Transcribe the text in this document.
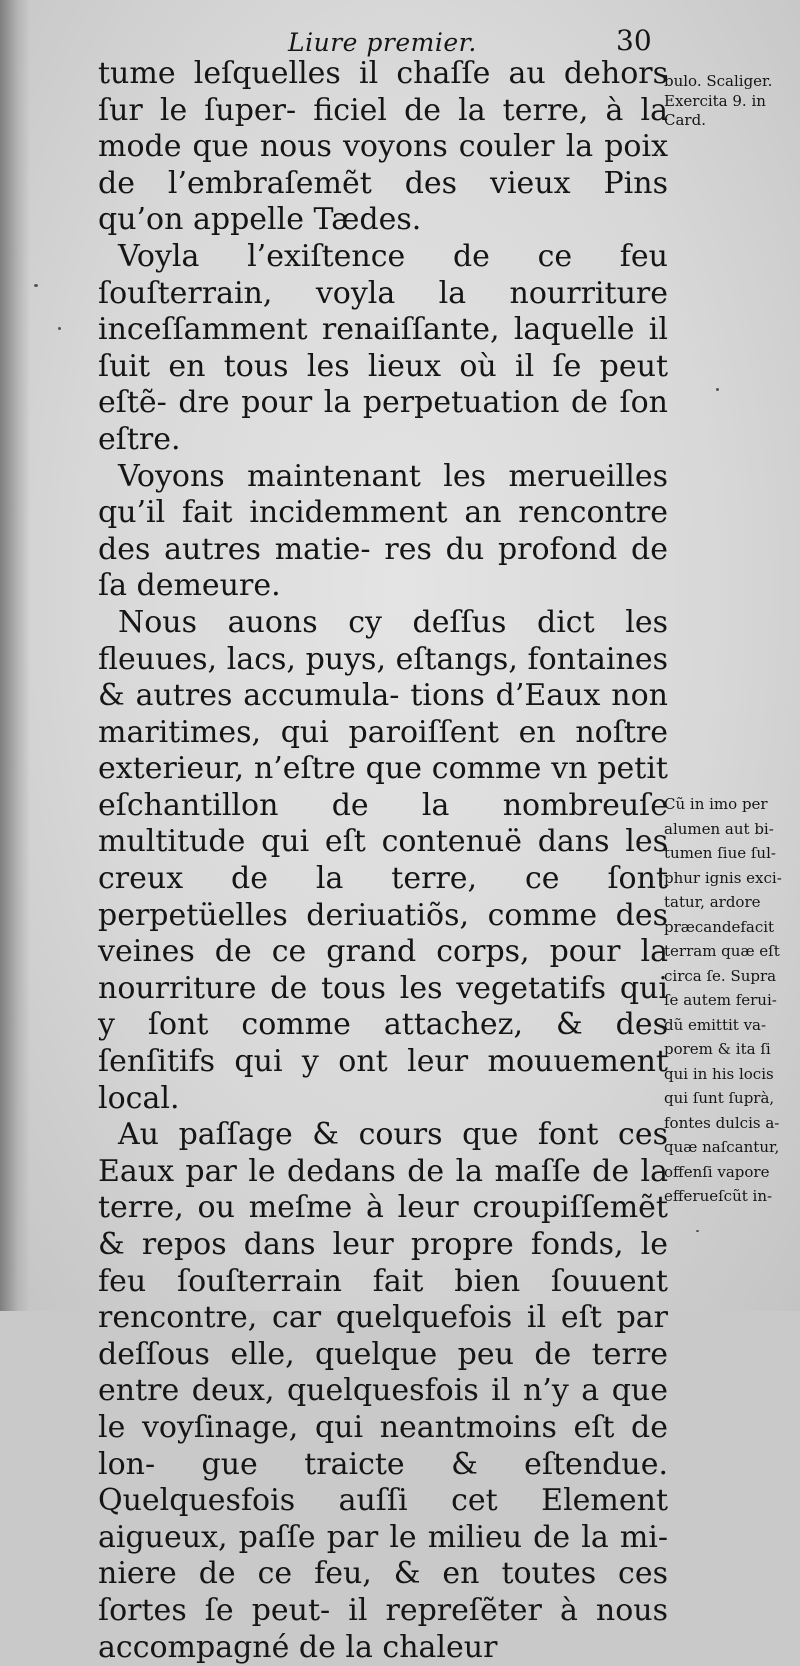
Liure premier.	30

tume leſquelles il chaſſe au dehors ſur le ſuper- ficiel de la terre, à la mode que nous voyons couler la poix de l’embraſemẽt des vieux Pins qu’on appelle Tædes.

Voyla l’exiſtence de ce feu ſouſterrain, voyla la nourriture inceſſamment renaiſſante, laquelle il ſuit en tous les lieux où il ſe peut eſtẽ- dre pour la perpetuation de ſon eſtre.

Voyons maintenant les merueilles qu’il fait incidemment an rencontre des autres matie- res du profond de ſa demeure.

Nous auons cy deſſus dict les fleuues, lacs, puys, eſtangs, fontaines & autres accumula- tions d’Eaux non maritimes, qui paroiſſent en noſtre exterieur, n’eſtre que comme vn petit eſchantillon de la nombreuſe multitude qui eſt contenuë dans les creux de la terre, ce ſont perpetüelles deriuatiõs, comme des veines de ce grand corps, pour la nourriture de tous les vegetatifs qui y ſont comme attachez, & des ſenſitifs qui y ont leur mouuement local.

Au paſſage & cours que font ces Eaux par le dedans de la maſſe de la terre, ou meſme à leur croupiſſemẽt & repos dans leur propre fonds, le feu ſouſterrain fait bien ſouuent rencontre, car quelquefois il eſt par deſſous elle, quelque peu de terre entre deux, quelquesfois il n’y a que le voyſinage, qui neantmoins eſt de lon- gue traicte & eſtendue. Quelquesfois auſſi cet Element aigueux, paſſe par le milieu de la mi- niere de ce feu, & en toutes ces ſortes ſe peut- il repreſẽter à nous accompagné de la chaleur

bulo. Scaliger.
Exercita 9. in
Card.
Cũ in imo per
alumen aut bi-
tumen ſiue ſul-
phur ignis exci-
tatur, ardore
prӕcandefacit
terram quæ eſt
circa ſe. Supra
ſe autem ferui-
dũ emittit va-
porem & ita ſi
qui in his locis
qui ſunt ſuprà,
fontes dulcis a-
quæ naſcantur,
offenſi vapore
efferueſcũt in-
